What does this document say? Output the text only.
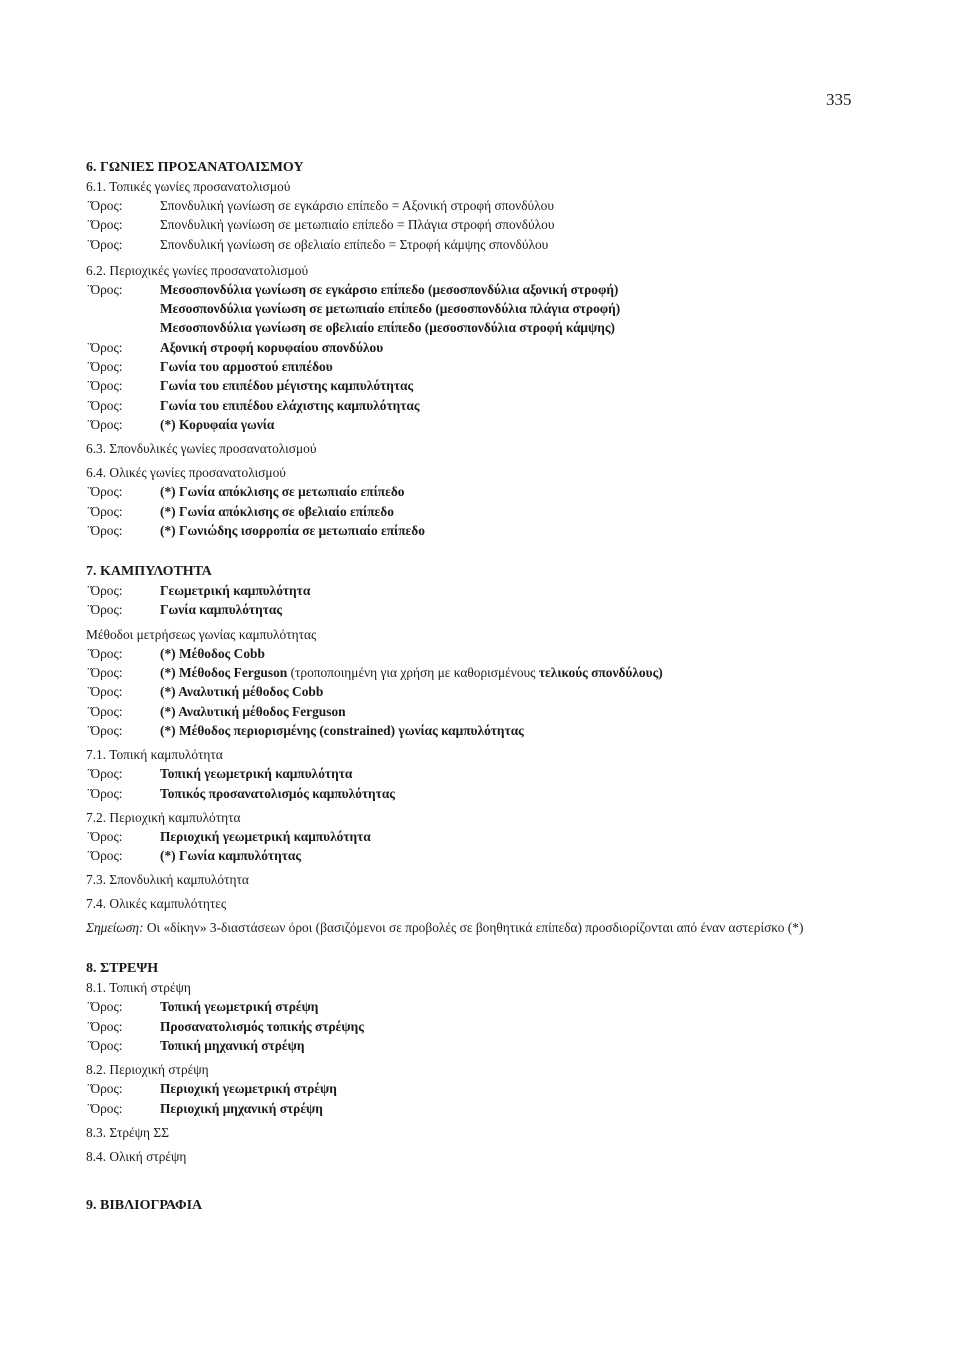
335
6. ΓΩΝΙΕΣ ΠΡΟΣΑΝΑΤΟΛΙΣΜΟΥ
6.1. Τοπικές γωνίες προσανατολισμού
˙Όρος:	Σπονδυλική γωνίωση σε εγκάρσιο επίπεδο = Αξονική στροφή σπονδύλου
˙Όρος:	Σπονδυλική γωνίωση σε μετωπιαίο επίπεδο = Πλάγια στροφή σπονδύλου
˙Όρος:	Σπονδυλική γωνίωση σε οβελιαίο επίπεδο = Στροφή κάμψης σπονδύλου
6.2. Περιοχικές γωνίες προσανατολισμού
˙Όρος:	Μεσοσπονδύλια γωνίωση σε εγκάρσιο επίπεδο (μεσοσπονδύλια αξονική στροφή)
Μεσοσπονδύλια γωνίωση σε μετωπιαίο επίπεδο (μεσοσπονδύλια πλάγια στροφή)
Μεσοσπονδύλια γωνίωση σε οβελιαίο επίπεδο (μεσοσπονδύλια στροφή κάμψης)
˙Όρος:	Αξονική στροφή κορυφαίου σπονδύλου
˙Όρος:	Γωνία του αρμοστού επιπέδου
˙Όρος:	Γωνία του επιπέδου μέγιστης καμπυλότητας
˙Όρος:	Γωνία του επιπέδου ελάχιστης καμπυλότητας
˙Όρος:	(*) Κορυφαία γωνία
6.3. Σπονδυλικές γωνίες προσανατολισμού
6.4. Ολικές γωνίες προσανατολισμού
˙Όρος:	(*) Γωνία απόκλισης σε μετωπιαίο επίπεδο
˙Όρος:	(*) Γωνία απόκλισης σε οβελιαίο επίπεδο
˙Όρος:	(*) Γωνιώδης ισορροπία σε μετωπιαίο επίπεδο
7. ΚΑΜΠΥΛΟΤΗΤΑ
˙Όρος:	Γεωμετρική καμπυλότητα
˙Όρος:	Γωνία καμπυλότητας
Μέθοδοι μετρήσεως γωνίας καμπυλότητας
˙Όρος:	(*) Μέθοδος Cobb
˙Όρος:	(*) Μέθοδος Ferguson (τροποποιημένη για χρήση με καθορισμένους τελικούς σπονδύλους)
˙Όρος:	(*) Αναλυτική μέθοδος Cobb
˙Όρος:	(*) Αναλυτική μέθοδος Ferguson
˙Όρος:	(*) Μέθοδος περιορισμένης (constrained) γωνίας καμπυλότητας
7.1. Τοπική καμπυλότητα
˙Όρος:	Τοπική γεωμετρική καμπυλότητα
˙Όρος:	Τοπικός προσανατολισμός καμπυλότητας
7.2. Περιοχική καμπυλότητα
˙Όρος:	Περιοχική γεωμετρική καμπυλότητα
˙Όρος:	(*) Γωνία καμπυλότητας
7.3. Σπονδυλική καμπυλότητα
7.4. Ολικές καμπυλότητες
Σημείωση: Οι «δίκην» 3-διαστάσεων όροι (βασιζόμενοι σε προβολές σε βοηθητικά επίπεδα) προσδιορίζονται από έναν αστερίσκο (*)
8. ΣΤΡΕΨΗ
8.1. Τοπική στρέψη
˙Όρος:	Τοπική γεωμετρική στρέψη
˙Όρος:	Προσανατολισμός τοπικής στρέψης
˙Όρος:	Τοπική μηχανική στρέψη
8.2. Περιοχική στρέψη
˙Όρος:	Περιοχική γεωμετρική στρέψη
˙Όρος:	Περιοχική μηχανική στρέψη
8.3. Στρέψη ΣΣ
8.4. Ολική στρέψη
9. ΒΙΒΛΙΟΓΡΑΦΙΑ
